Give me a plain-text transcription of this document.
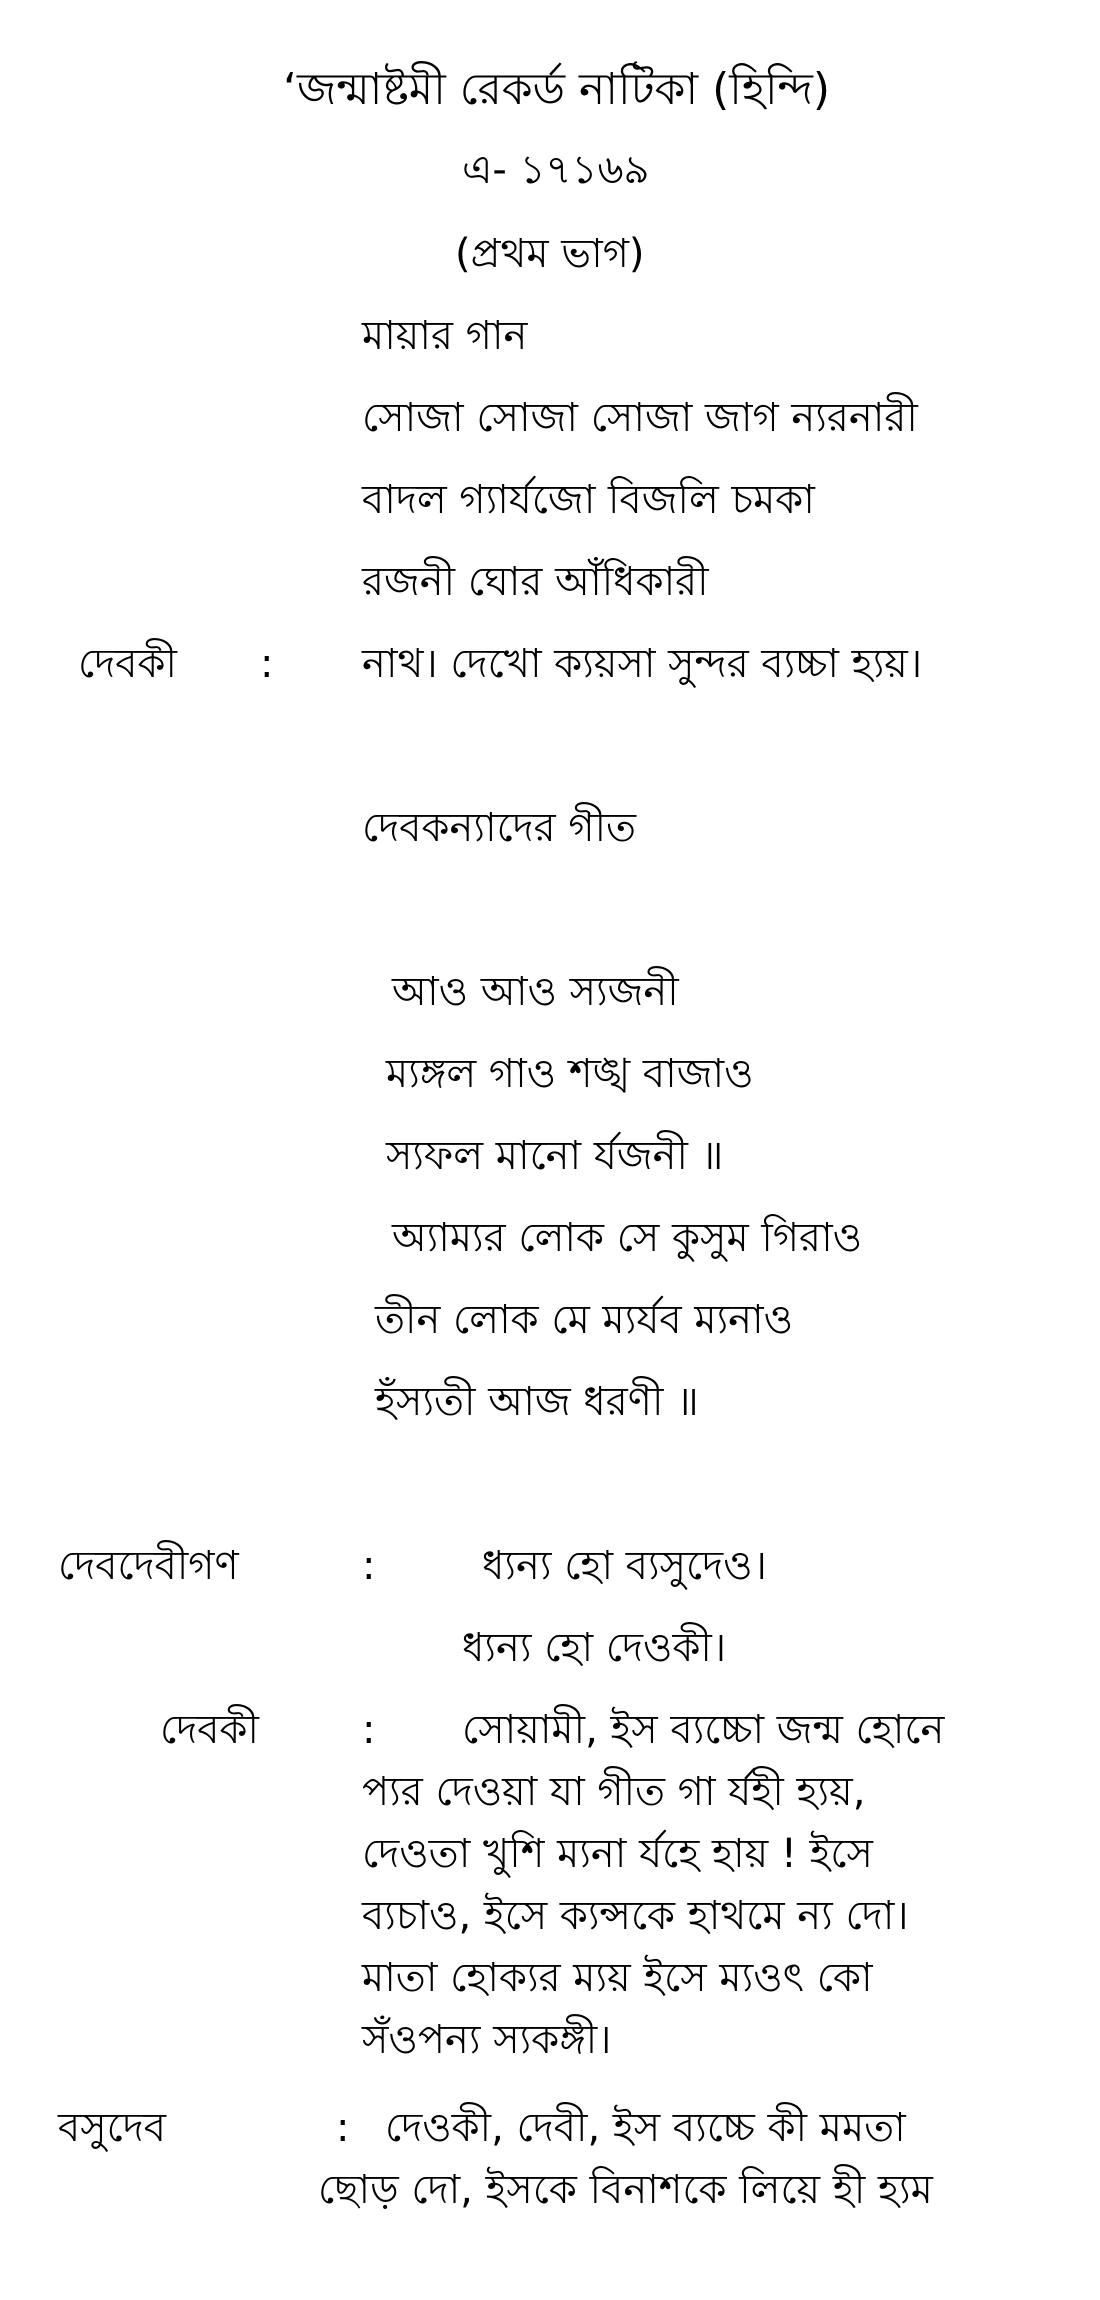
‘জন্মাষ্টমী রেকর্ড নাটিকা (হিন্দি)
এ- ১৭১৬৯
(প্রথম ভাগ)
মায়ার গান
সোজা সোজা সোজা জাগ ন্যরনারী
বাদল গ্যার্যজো বিজলি চমকা
রজনী ঘোর আঁধিকারী
দেবকী : নাথ। দেখো ক্যয়সা সুন্দর ব্যচ্চা হ্যয়।
দেবকন্যাদের গীত
আও আও স্যজনী
ম্যঙ্গল গাও শঙ্খ বাজাও
স্যফল মানো র্যজনী ॥
অ্যাম্যর লোক সে কুসুম গিরাও
তীন লোক মে ম্যর্যব ম্যনাও
হঁস্যতী আজ ধরণী ॥
দেবদেবীগণ	:	ধ্যন্য হো ব্যসুদেও।
ধ্যন্য হো দেওকী।
দেবকী	: সোয়ামী, ইস ব্যচ্চো জন্ম হোনে
প্যর দেওয়া যা গীত গা র্যহী হ্যয়,
দেওতা খুশি ম্যনা র্যহে হায় ! ইসে
ব্যচাও, ইসে ক্যন্সকে হাথমে ন্য দো।
মাতা হোক্যর ম্যয় ইসে ম্যওৎ কো
সঁওপন্য স্যকঙ্গী।
বসুদেব	: দেওকী, দেবী, ইস ব্যচ্চে কী মমতা
ছোড় দো, ইসকে বিনাশকে লিয়ে হী হ্যম
